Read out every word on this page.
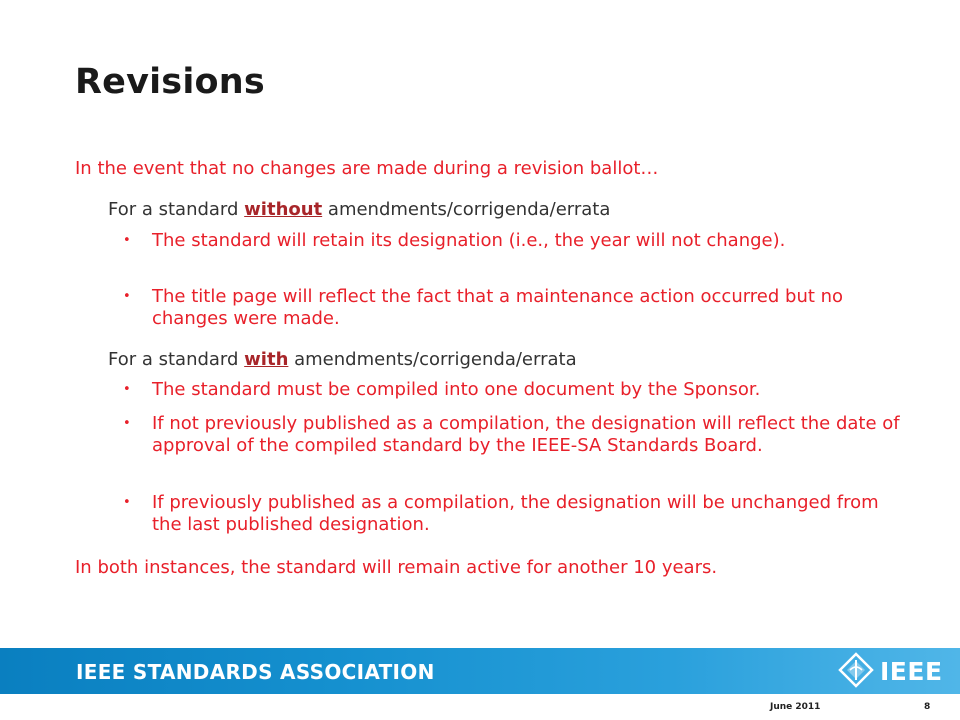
Revisions
In the event that no changes are made during a revision ballot…
For a standard without amendments/corrigenda/errata
• The standard will retain its designation (i.e., the year will not change).
• The title page will reflect the fact that a maintenance action occurred but no changes were made.
For a standard with amendments/corrigenda/errata
• The standard must be compiled into one document by the Sponsor.
• If not previously published as a compilation, the designation will reflect the date of approval of the compiled standard by the IEEE-SA Standards Board.
• If previously published as a compilation, the designation will be unchanged from the last published designation.
In both instances, the standard will remain active for another 10 years.
IEEE STANDARDS ASSOCIATION	IEEE
June 2011	8
